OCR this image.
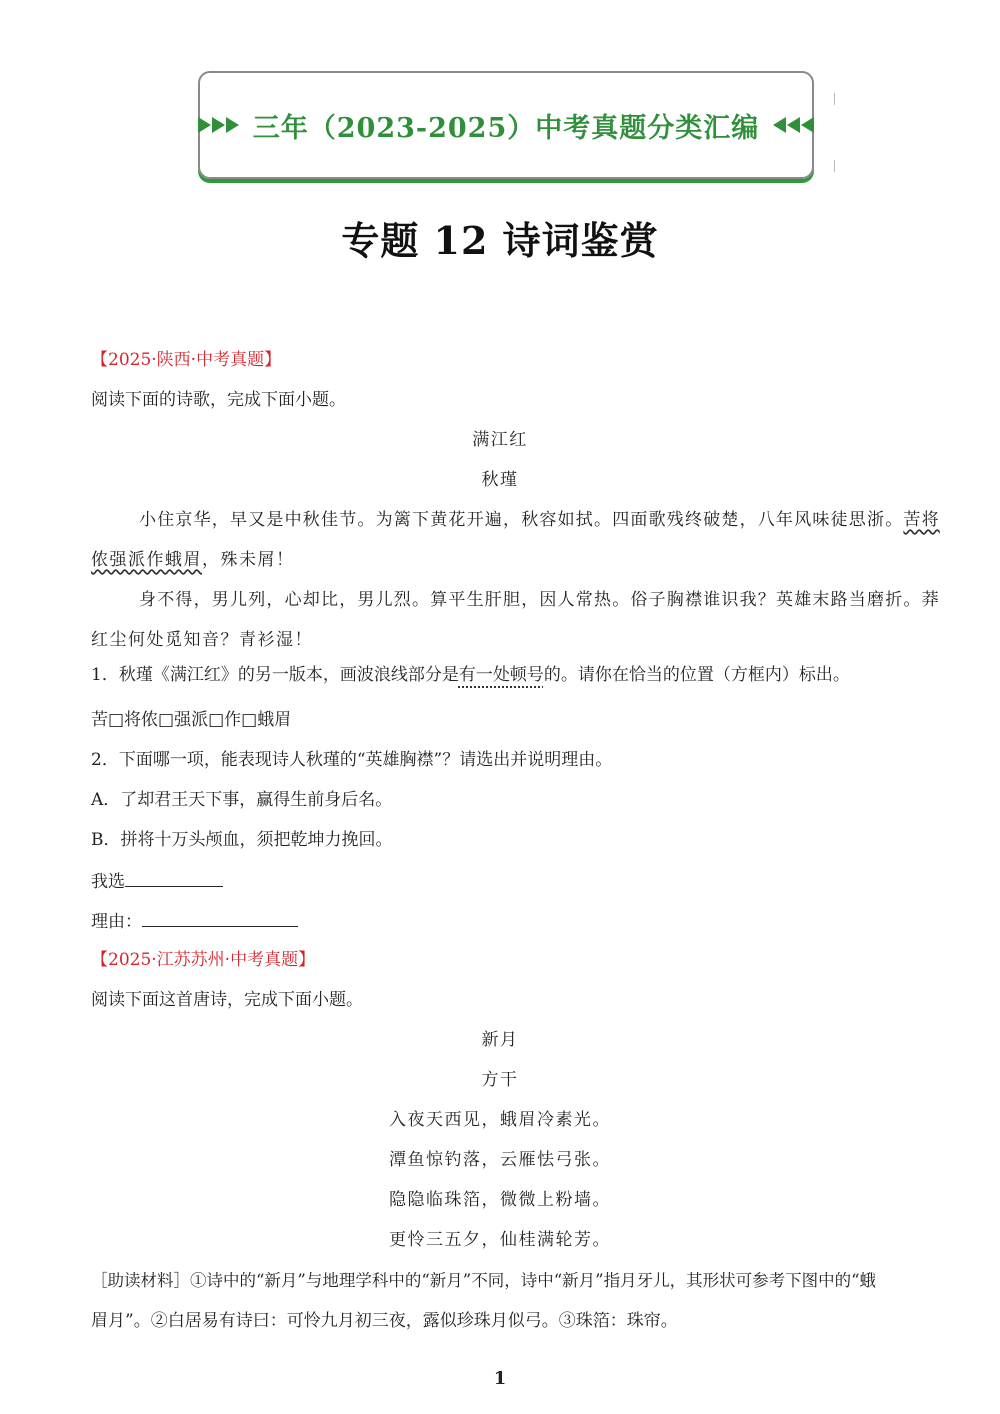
三年（2023-2025）中考真题分类汇编
专题 12 诗词鉴赏
【2025·陕西·中考真题】
阅读下面的诗歌，完成下面小题。
满江红
秋瑾
小住京华，早又是中秋佳节。为篱下黄花开遍，秋容如拭。四面歌残终破楚，八年风味徒思浙。苦将
侬强派作蛾眉，殊未屑！
身不得，男儿列，心却比，男儿烈。算平生肝胆，因人常热。俗子胸襟谁识我？英雄末路当磨折。莽
红尘何处觅知音？青衫湿！
1．秋瑾《满江红》的另一版本，画波浪线部分是有一处顿号的。请你在恰当的位置（方框内）标出。
苦□将侬□强派□作□蛾眉
2．下面哪一项，能表现诗人秋瑾的“英雄胸襟”？请选出并说明理由。
A．了却君王天下事，赢得生前身后名。
B．拼将十万头颅血，须把乾坤力挽回。
我选
理由：
【2025·江苏苏州·中考真题】
阅读下面这首唐诗，完成下面小题。
新月
方干
入夜天西见，蛾眉冷素光。
潭鱼惊钓落，云雁怯弓张。
隐隐临珠箔，微微上粉墙。
更怜三五夕，仙桂满轮芳。
［助读材料］①诗中的“新月”与地理学科中的“新月”不同，诗中“新月”指月牙儿，其形状可参考下图中的“蛾
眉月”。②白居易有诗曰：可怜九月初三夜，露似珍珠月似弓。③珠箔：珠帘。
1
